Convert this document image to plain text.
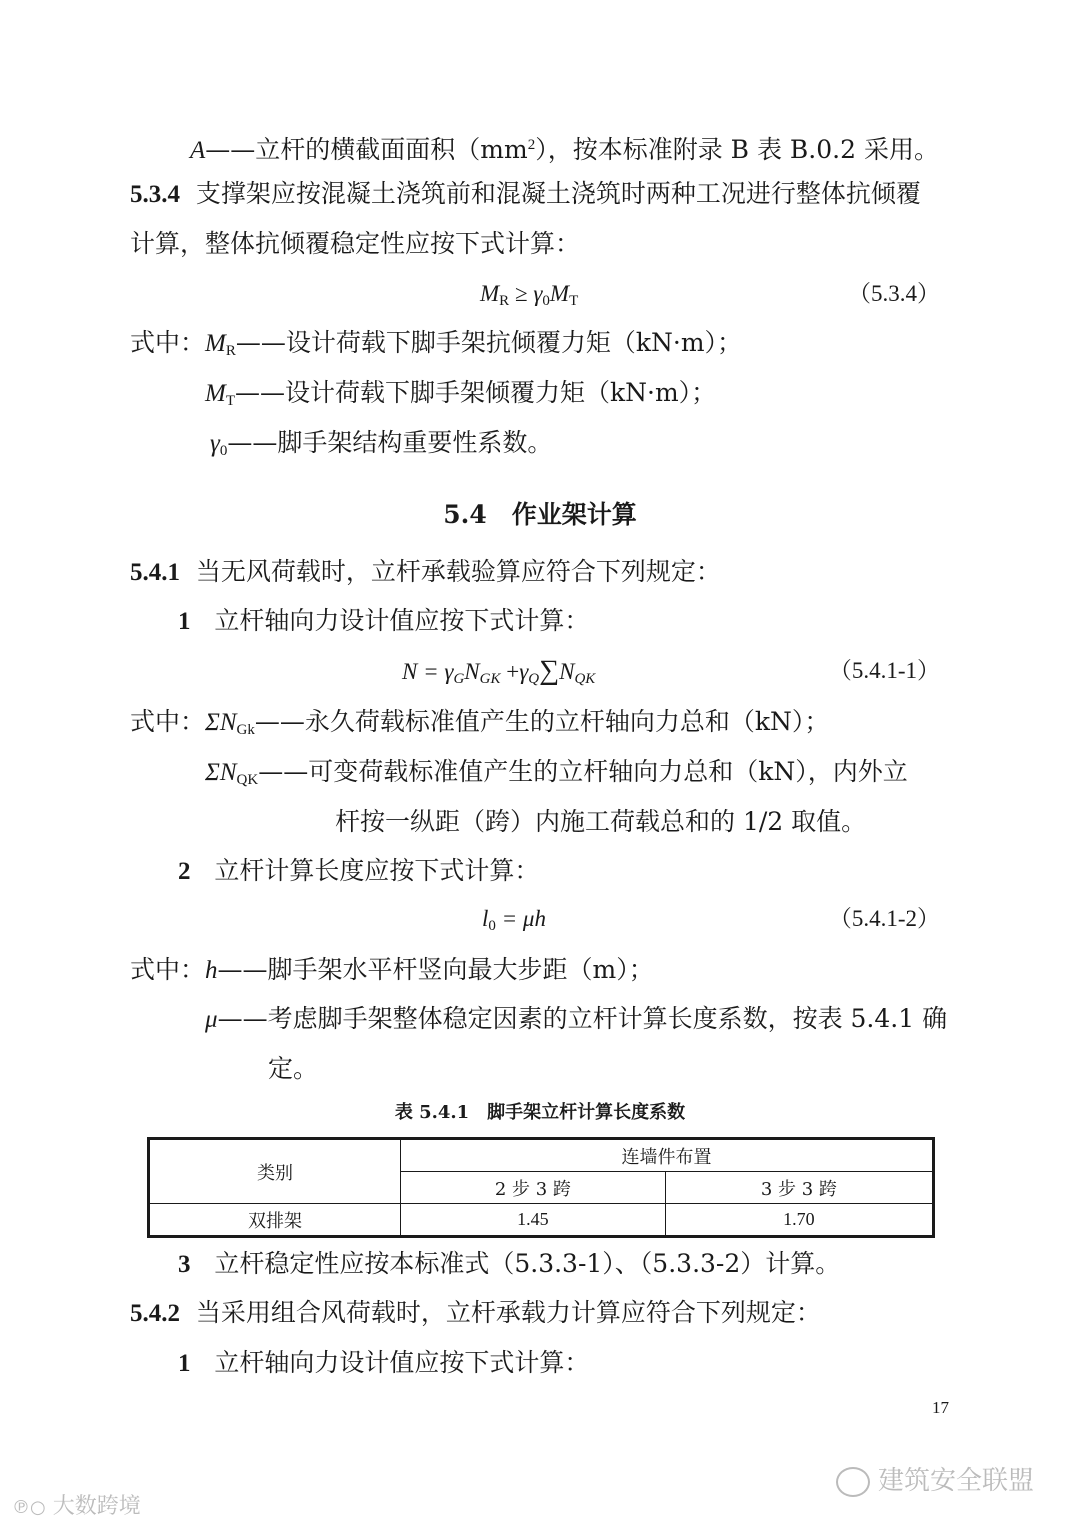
A——立杆的横截面面积$(mm^2)$，按本标准附录 B 表 B.0.2 采用。
5.3.4 支撑架应按混凝土浇筑前和混凝土浇筑时两种工况进行整体抗倾覆
计算，整体抗倾覆稳定性应按下式计算：
$M_R \ge \gamma_0M_T$	（5.3.4）
式中：$M_R——$设计荷载下脚手架抗倾覆力矩（kN·m）；
$M_T——$设计荷载下脚手架倾覆力矩（kN·m）；
$\gamma_0——$脚手架结构重要性系数。
5.4　作业架计算
5.4.1 当无风荷载时，立杆承载验算应符合下列规定：
1 立杆轴向力设计值应按下式计算：
$N = \gamma_GN_{GK} +\gamma_Q\sum N_{QK}$	（5.4.1-1）
式中：$\Sigma N_{Gk}——$永久荷载标准值产生的立杆轴向力总和（kN）；
$\Sigma N_{QK}——$可变荷载标准值产生的立杆轴向力总和（kN），内外立
杆按一纵距（跨）内施工荷载总和的 1/2 取值。
2 立杆计算长度应按下式计算：
$l_0 = \mu h$	（5.4.1-2）
式中：h——脚手架水平杆竖向最大步距（m）；
μ——考虑脚手架整体稳定因素的立杆计算长度系数，按表 5.4.1 确
定。
表 5.4.1　脚手架立杆计算长度系数
类别	连墙件布置	
	2 步 3 跨	3 步 3 跨
双排架	1.45	1.70
3 立杆稳定性应按本标准式（5.3.3-1）、（5.3.3-2）计算。
5.4.2 当采用组合风荷载时，立杆承载力计算应符合下列规定：
1 立杆轴向力设计值应按下式计算：
17
建筑安全联盟
℗○ 大数跨境
